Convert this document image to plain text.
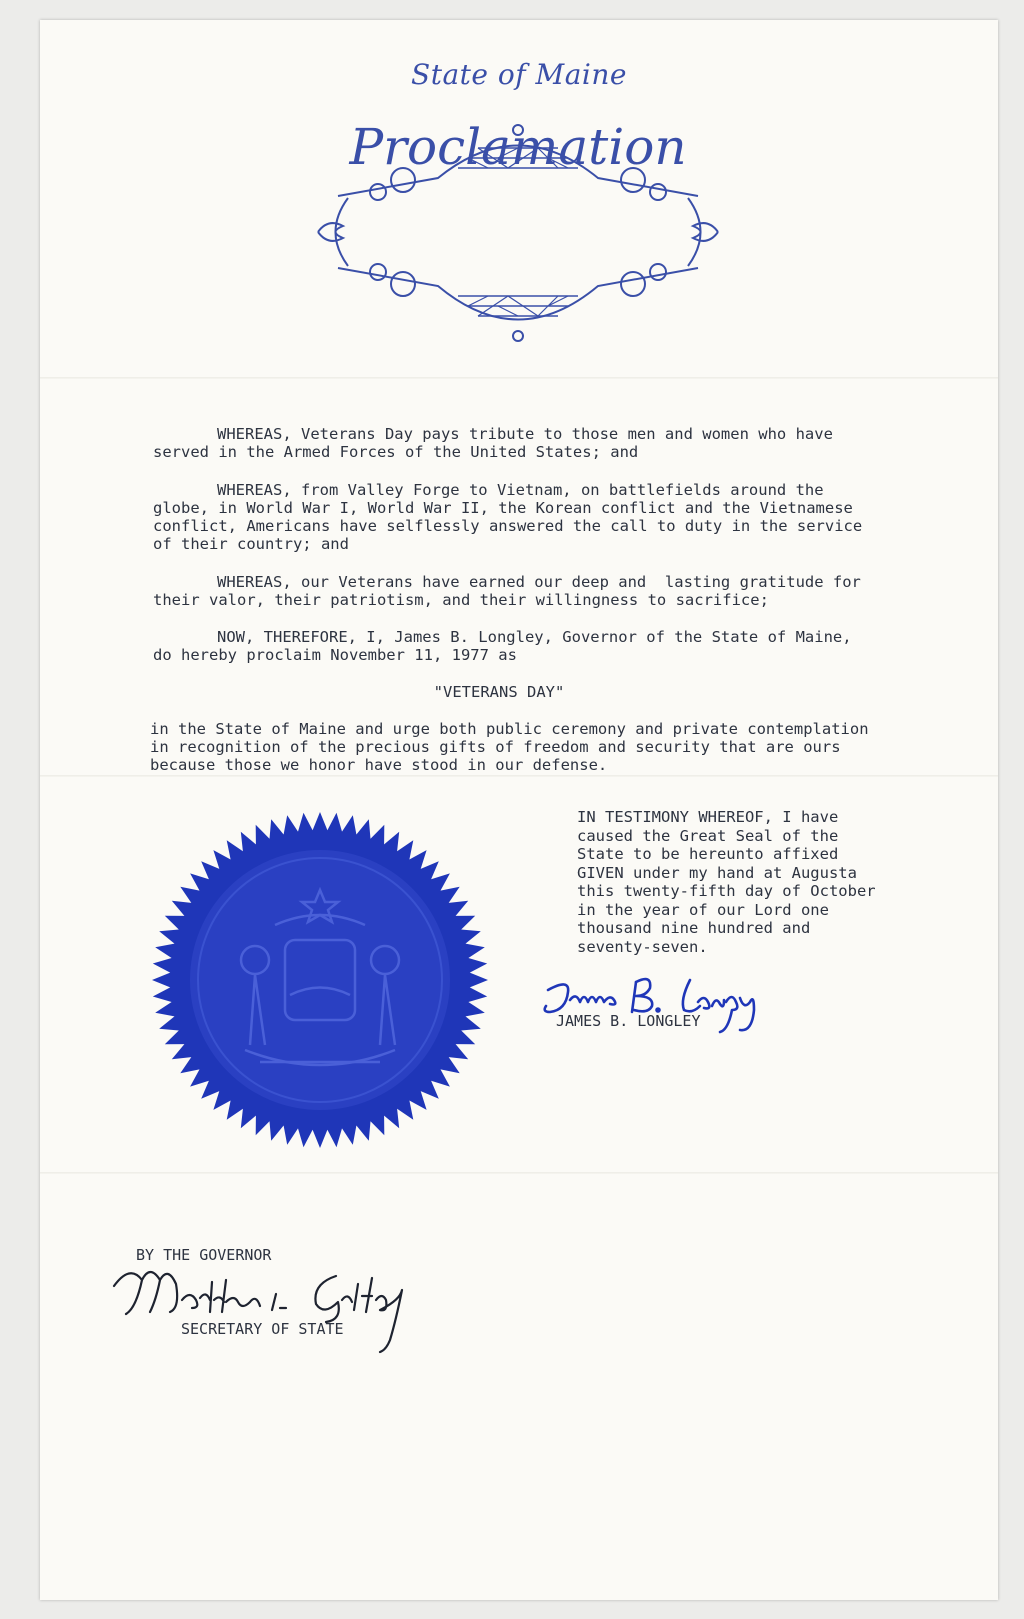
State of Maine
Proclamation
WHEREAS, Veterans Day pays tribute to those men and women who have
served in the Armed Forces of the United States; and
WHEREAS, from Valley Forge to Vietnam, on battlefields around the
globe, in World War I, World War II, the Korean conflict and the Vietnamese
conflict, Americans have selflessly answered the call to duty in the service
of their country; and
WHEREAS, our Veterans have earned our deep and  lasting gratitude for
their valor, their patriotism, and their willingness to sacrifice;
NOW, THEREFORE, I, James B. Longley, Governor of the State of Maine,
do hereby proclaim November 11, 1977 as
"VETERANS DAY"
in the State of Maine and urge both public ceremony and private contemplation
in recognition of the precious gifts of freedom and security that are ours
because those we honor have stood in our defense.
IN TESTIMONY WHEREOF, I have
caused the Great Seal of the
State to be hereunto affixed
GIVEN under my hand at Augusta
this twenty-fifth day of October
in the year of our Lord one
thousand nine hundred and
seventy-seven.
JAMES B. LONGLEY
BY THE GOVERNOR
SECRETARY OF STATE
